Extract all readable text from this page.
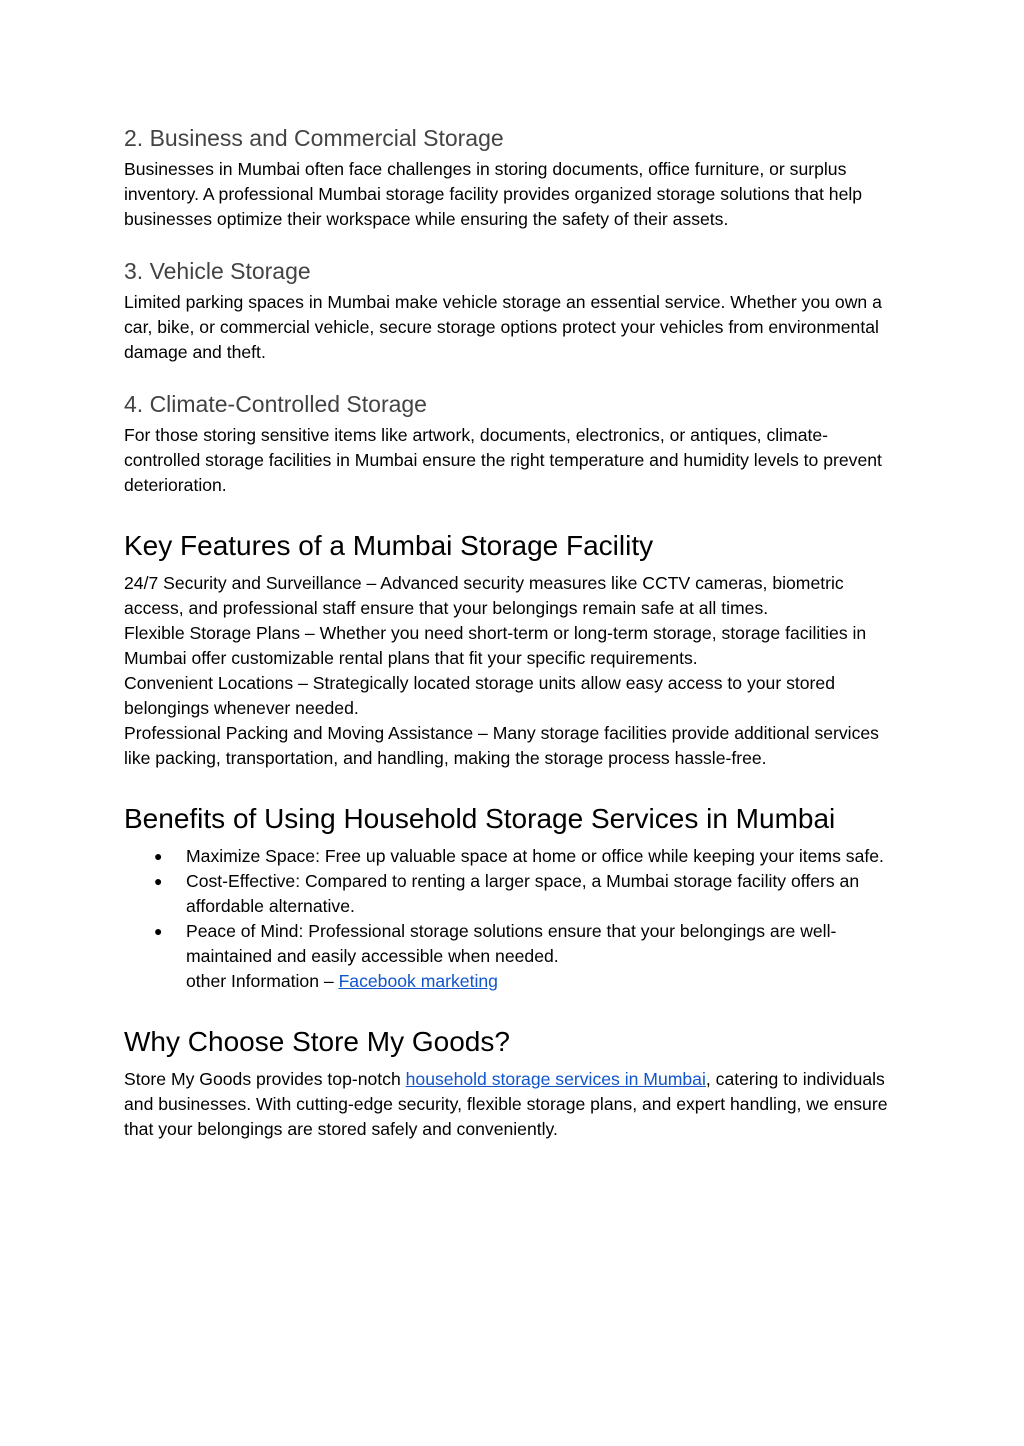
2. Business and Commercial Storage

Businesses in Mumbai often face challenges in storing documents, office furniture, or surplus inventory. A professional Mumbai storage facility provides organized storage solutions that help businesses optimize their workspace while ensuring the safety of their assets.

3. Vehicle Storage

Limited parking spaces in Mumbai make vehicle storage an essential service. Whether you own a car, bike, or commercial vehicle, secure storage options protect your vehicles from environmental damage and theft.

4. Climate-Controlled Storage

For those storing sensitive items like artwork, documents, electronics, or antiques, climate-controlled storage facilities in Mumbai ensure the right temperature and humidity levels to prevent deterioration.

Key Features of a Mumbai Storage Facility

24/7 Security and Surveillance – Advanced security measures like CCTV cameras, biometric access, and professional staff ensure that your belongings remain safe at all times.

Flexible Storage Plans – Whether you need short-term or long-term storage, storage facilities in Mumbai offer customizable rental plans that fit your specific requirements.

Convenient Locations – Strategically located storage units allow easy access to your stored belongings whenever needed.

Professional Packing and Moving Assistance – Many storage facilities provide additional services like packing, transportation, and handling, making the storage process hassle-free.

Benefits of Using Household Storage Services in Mumbai
● Maximize Space: Free up valuable space at home or office while keeping your items safe.
● Cost-Effective: Compared to renting a larger space, a Mumbai storage facility offers an affordable alternative.
● Peace of Mind: Professional storage solutions ensure that your belongings are well-maintained and easily accessible when needed.
other Information – Facebook marketing
Why Choose Store My Goods?

Store My Goods provides top-notch household storage services in Mumbai, catering to individuals and businesses. With cutting-edge security, flexible storage plans, and expert handling, we ensure that your belongings are stored safely and conveniently.
